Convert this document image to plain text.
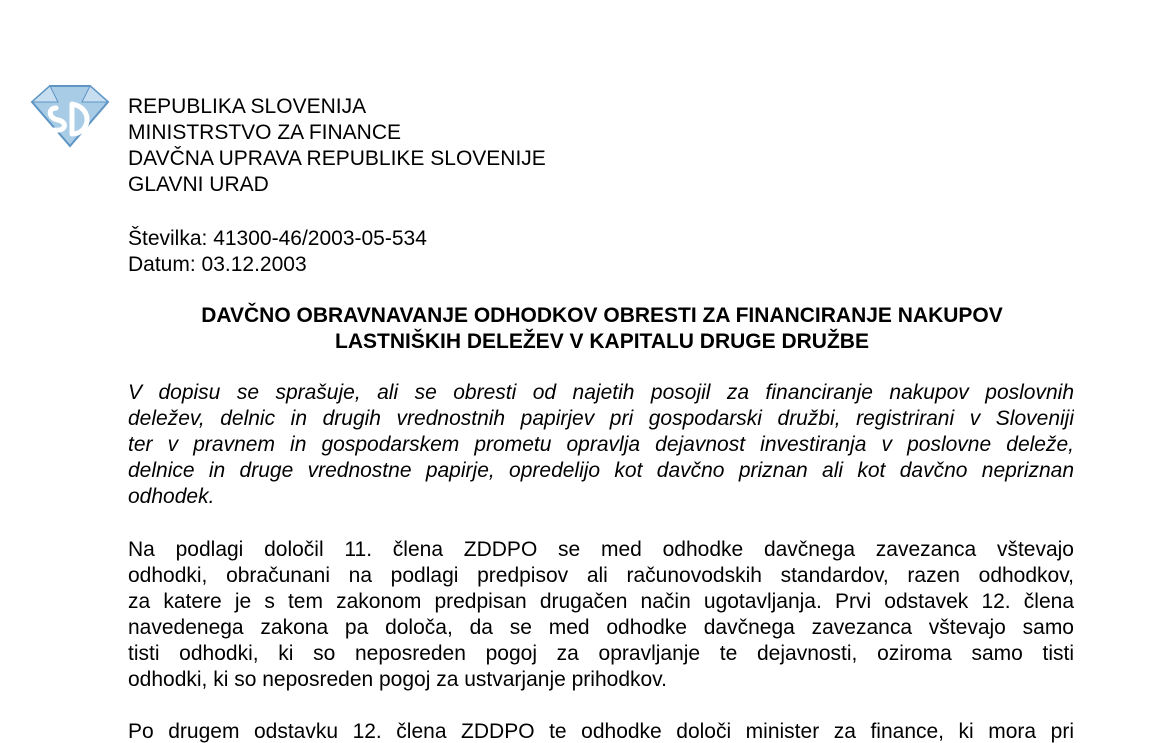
REPUBLIKA SLOVENIJA
MINISTRSTVO ZA FINANCE
DAVČNA UPRAVA REPUBLIKE SLOVENIJE
GLAVNI URAD
Številka: 41300-46/2003-05-534
Datum: 03.12.2003
DAVČNO OBRAVNAVANJE ODHODKOV OBRESTI ZA FINANCIRANJE NAKUPOV
LASTNIŠKIH DELEŽEV V KAPITALU DRUGE DRUŽBE
V dopisu se sprašuje, ali se obresti od najetih posojil za financiranje nakupov poslovnih
deležev, delnic in drugih vrednostnih papirjev pri gospodarski družbi, registrirani v Sloveniji
ter v pravnem in gospodarskem prometu opravlja dejavnost investiranja v poslovne deleže,
delnice in druge vrednostne papirje, opredelijo kot davčno priznan ali kot davčno nepriznan
odhodek.
Na podlagi določil 11. člena ZDDPO se med odhodke davčnega zavezanca vštevajo
odhodki, obračunani na podlagi predpisov ali računovodskih standardov, razen odhodkov,
za katere je s tem zakonom predpisan drugačen način ugotavljanja. Prvi odstavek 12. člena
navedenega zakona pa določa, da se med odhodke davčnega zavezanca vštevajo samo
tisti odhodki, ki so neposreden pogoj za opravljanje te dejavnosti, oziroma samo tisti
odhodki, ki so neposreden pogoj za ustvarjanje prihodkov.
Po drugem odstavku 12. člena ZDDPO te odhodke določi minister za finance, ki mora pri
